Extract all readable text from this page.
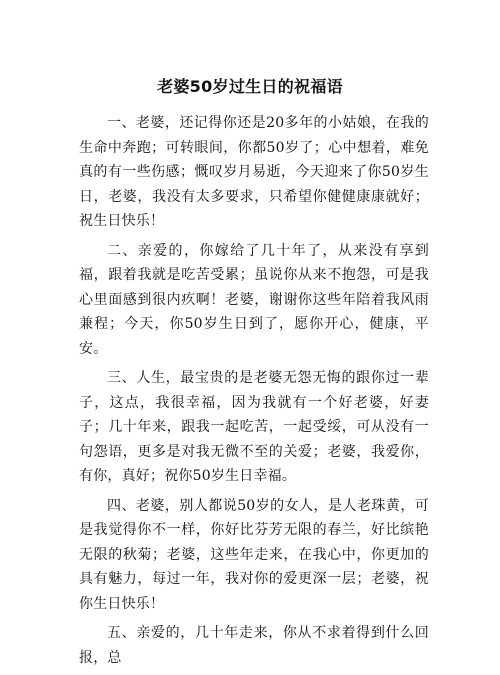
老婆50岁过生日的祝福语

一、老婆，还记得你还是20多年的小姑娘，在我的生命中奔跑；可转眼间，你都50岁了；心中想着，难免真的有一些伤感；慨叹岁月易逝，今天迎来了你50岁生日，老婆，我没有太多要求，只希望你健健康康就好；祝生日快乐！

二、亲爱的，你嫁给了几十年了，从来没有享到福，跟着我就是吃苦受累；虽说你从来不抱怨，可是我心里面感到很内疚啊！老婆，谢谢你这些年陪着我风雨兼程；今天，你50岁生日到了，愿你开心，健康，平安。

三、人生，最宝贵的是老婆无怨无悔的跟你过一辈子，这点，我很幸福，因为我就有一个好老婆，好妻子；几十年来，跟我一起吃苦，一起受绥，可从没有一句怨语，更多是对我无微不至的关爱；老婆，我爱你，有你，真好；祝你50岁生日幸福。

四、老婆，别人都说50岁的女人，是人老珠黄，可是我觉得你不一样，你好比芬芳无限的春兰，好比缤艳无限的秋菊；老婆，这些年走来，在我心中，你更加的具有魅力，每过一年，我对你的爱更深一层；老婆，祝你生日快乐！

五、亲爱的，几十年走来，你从不求着得到什么回报，总
